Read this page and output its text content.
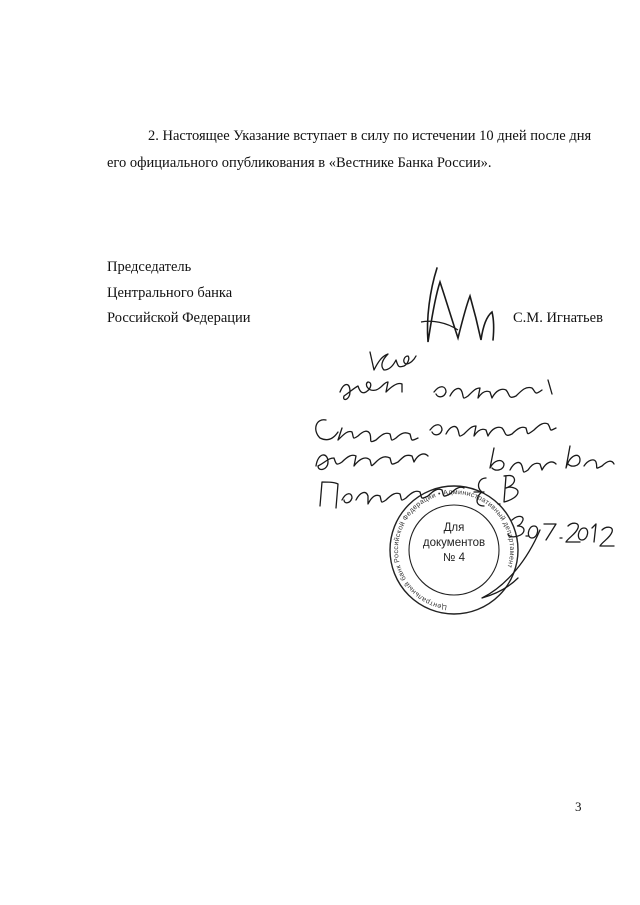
2. Настоящее Указание вступает в силу по истечении 10 дней после дня
его официального опубликования в «Вестнике Банка России».
Председатель
Центрального банка
Российской Федерации	С.М. Игнатьев
Центральный банк Российской Федерации • Административный департамент
Для
документов
№ 4
3
